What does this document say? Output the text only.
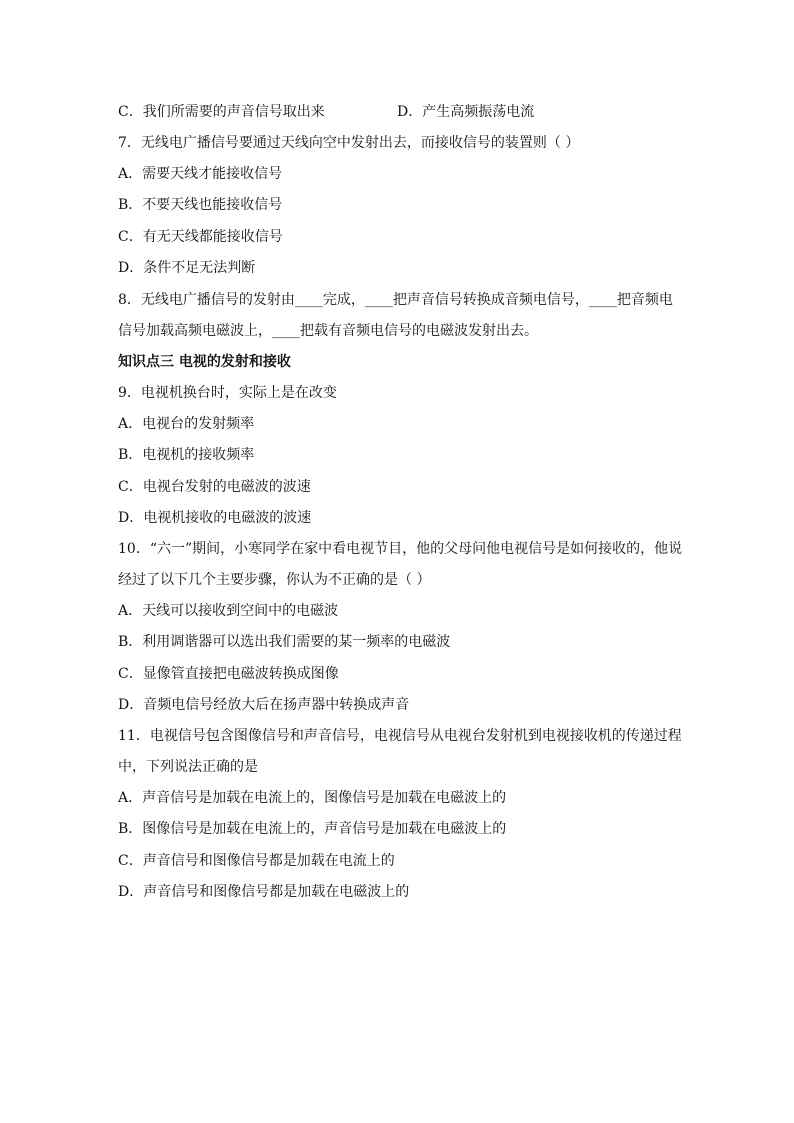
C．我们所需要的声音信号取出来	D．产生高频振荡电流
7．无线电广播信号要通过天线向空中发射出去，而接收信号的装置则（ ）
A．需要天线才能接收信号
B．不要天线也能接收信号
C．有无天线都能接收信号
D．条件不足无法判断
8．无线电广播信号的发射由____完成，____把声音信号转换成音频电信号，____把音频电
信号加载高频电磁波上，____把载有音频电信号的电磁波发射出去。
知识点三 电视的发射和接收
9．电视机换台时，实际上是在改变
A．电视台的发射频率
B．电视机的接收频率
C．电视台发射的电磁波的波速
D．电视机接收的电磁波的波速
10．“六一”期间，小寒同学在家中看电视节目，他的父母问他电视信号是如何接收的，他说
经过了以下几个主要步骤，你认为不正确的是（ ）
A．天线可以接收到空间中的电磁波
B．利用调谐器可以选出我们需要的某一频率的电磁波
C．显像管直接把电磁波转换成图像
D．音频电信号经放大后在扬声器中转换成声音
11．电视信号包含图像信号和声音信号，电视信号从电视台发射机到电视接收机的传递过程
中，下列说法正确的是
A．声音信号是加载在电流上的，图像信号是加载在电磁波上的
B．图像信号是加载在电流上的，声音信号是加载在电磁波上的
C．声音信号和图像信号都是加载在电流上的
D．声音信号和图像信号都是加载在电磁波上的
